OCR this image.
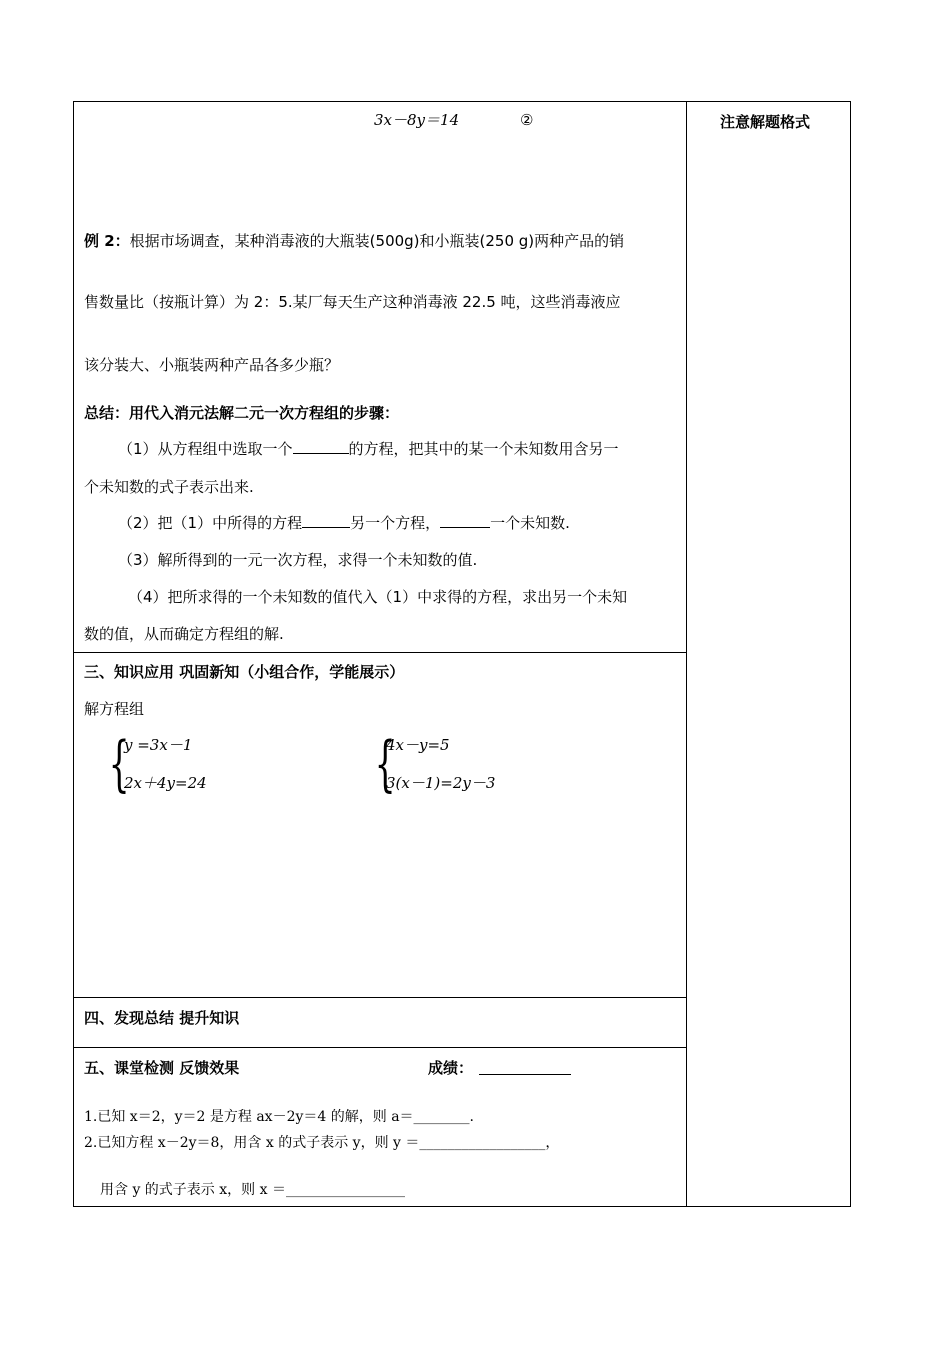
注意解题格式
3x－8y＝14	②
例 2：根据市场调查，某种消毒液的大瓶装(500g)和小瓶装(250 g)两种产品的销
售数量比（按瓶计算）为 2：5.某厂每天生产这种消毒液 22.5 吨，这些消毒液应
该分装大、小瓶装两种产品各多少瓶？
总结：用代入消元法解二元一次方程组的步骤：
（1）从方程组中选取一个	的方程，把其中的某一个未知数用含另一
个未知数的式子表示出来.
（2）把（1）中所得的方程	另一个方程，	一个未知数.
（3）解所得到的一元一次方程，求得一个未知数的值.
（4）把所求得的一个未知数的值代入（1）中求得的方程，求出另一个未知
数的值，从而确定方程组的解.
三、知识应用 巩固新知（小组合作，学能展示）
解方程组
{
y =3x－1
2x＋4y=24	{
4x－y=5
3(x－1)=2y－3
四、发现总结 提升知识
五、课堂检测 反馈效果	成绩：
1.已知 x＝2，y＝2 是方程 ax－2y＝4 的解，则 a＝________.
2.已知方程 x－2y＝8，用含 x 的式子表示 y，则 y ＝__________________，
用含 y 的式子表示 x，则 x ＝_________________
